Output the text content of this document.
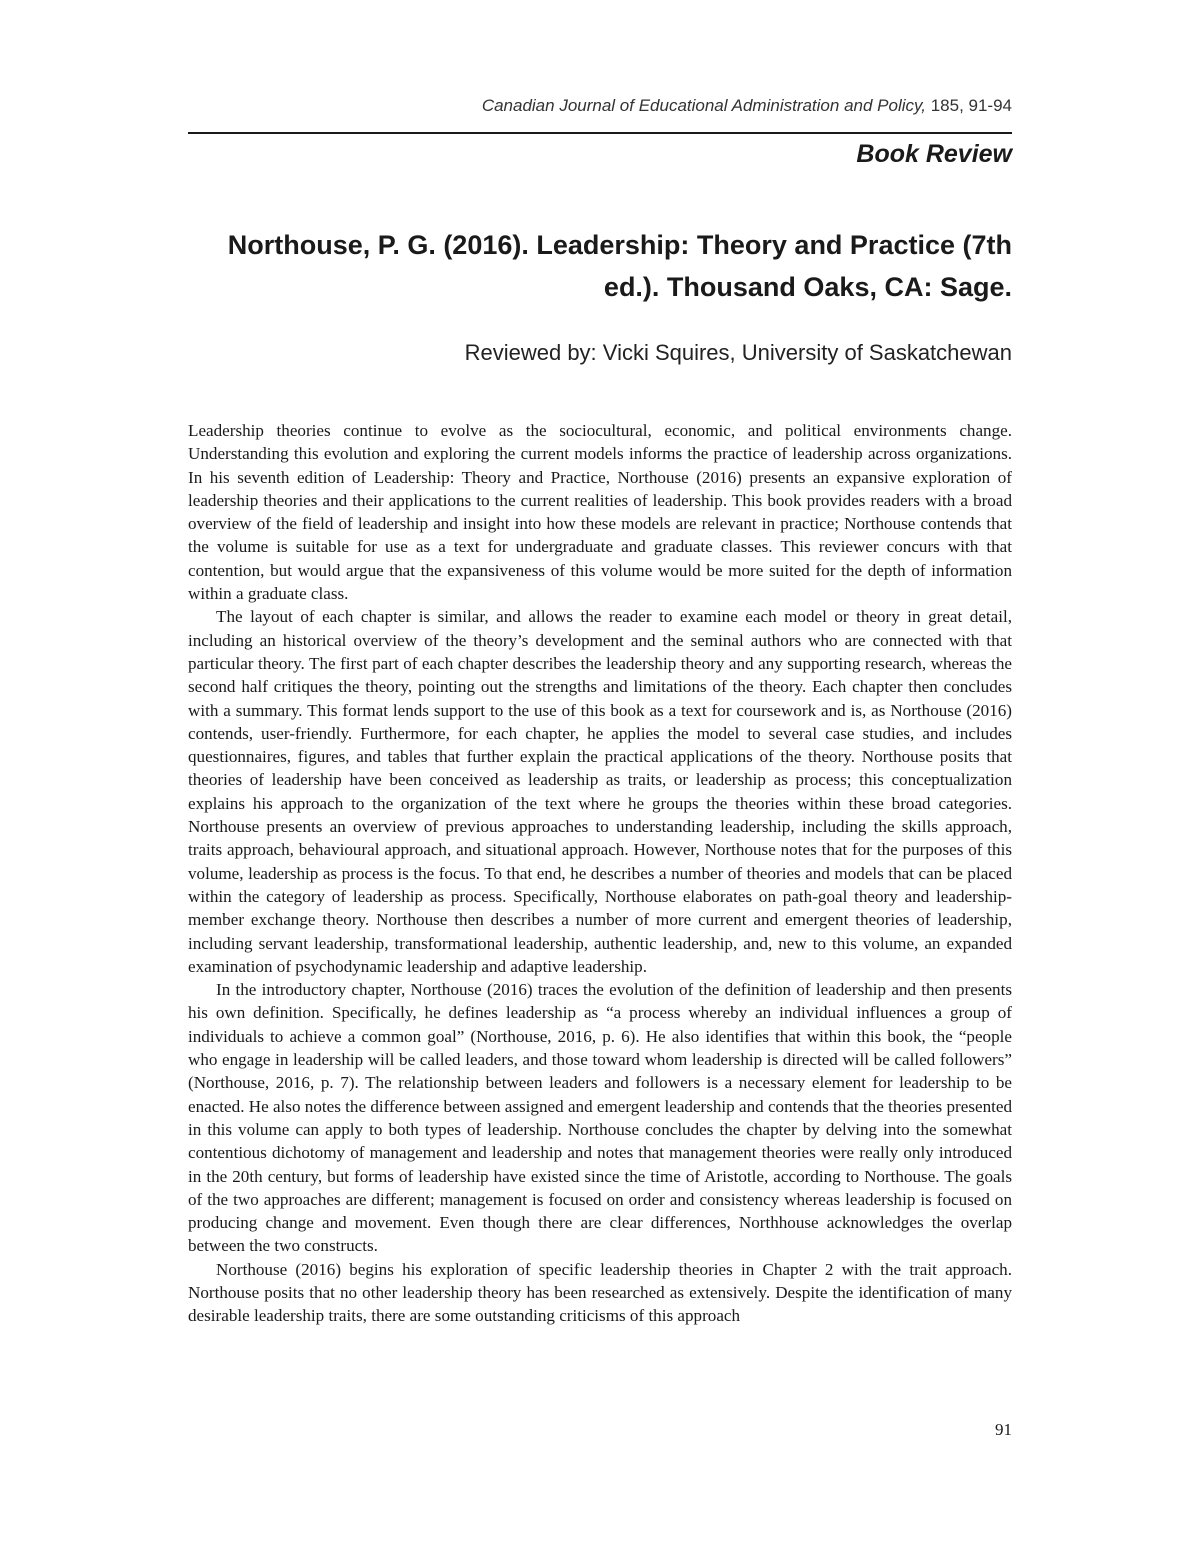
Canadian Journal of Educational Administration and Policy, 185, 91-94
Book Review
Northouse, P. G. (2016). Leadership: Theory and Practice (7th
ed.). Thousand Oaks, CA: Sage.
Reviewed by: Vicki Squires, University of Saskatchewan

Leadership theories continue to evolve as the sociocultural, economic, and political environments change. Understanding this evolution and exploring the current models informs the practice of leadership across organizations. In his seventh edition of Leadership: Theory and Practice, Northouse (2016) presents an expansive exploration of leadership theories and their applications to the current realities of leadership. This book provides readers with a broad overview of the field of leadership and insight into how these models are relevant in practice; Northouse contends that the volume is suitable for use as a text for undergraduate and graduate classes. This reviewer concurs with that contention, but would argue that the expansiveness of this volume would be more suited for the depth of information within a graduate class.

The layout of each chapter is similar, and allows the reader to examine each model or theory in great detail, including an historical overview of the theory’s development and the seminal authors who are connected with that particular theory. The first part of each chapter describes the leadership theory and any supporting research, whereas the second half critiques the theory, pointing out the strengths and limitations of the theory. Each chapter then concludes with a summary. This format lends support to the use of this book as a text for coursework and is, as Northouse (2016) contends, user-friendly. Furthermore, for each chapter, he applies the model to several case studies, and includes questionnaires, figures, and tables that further explain the practical applications of the theory. Northouse posits that theories of leadership have been conceived as leadership as traits, or leadership as process; this conceptualization explains his approach to the organization of the text where he groups the theories within these broad categories. Northouse presents an overview of previous approaches to understanding leadership, including the skills approach, traits approach, behavioural approach, and situational approach. However, Northouse notes that for the purposes of this volume, leadership as process is the focus. To that end, he describes a number of theories and models that can be placed within the category of leadership as process. Specifically, Northouse elaborates on path-goal theory and leadership-member exchange theory. Northouse then describes a number of more current and emergent theories of leadership, including servant leadership, transformational leadership, authentic leadership, and, new to this volume, an expanded examination of psychodynamic leadership and adaptive leadership.

In the introductory chapter, Northouse (2016) traces the evolution of the definition of leadership and then presents his own definition. Specifically, he defines leadership as “a process whereby an individual influences a group of individuals to achieve a common goal” (Northouse, 2016, p. 6). He also identifies that within this book, the “people who engage in leadership will be called leaders, and those toward whom leadership is directed will be called followers” (Northouse, 2016, p. 7). The relationship between leaders and followers is a necessary element for leadership to be enacted. He also notes the difference between assigned and emergent leadership and contends that the theories presented in this volume can apply to both types of leadership. Northouse concludes the chapter by delving into the somewhat contentious dichotomy of management and leadership and notes that management theories were really only introduced in the 20th century, but forms of leadership have existed since the time of Aristotle, according to Northouse. The goals of the two approaches are different; management is focused on order and consistency whereas leadership is focused on producing change and movement. Even though there are clear differences, Northhouse acknowledges the overlap between the two constructs.

Northouse (2016) begins his exploration of specific leadership theories in Chapter 2 with the trait approach. Northouse posits that no other leadership theory has been researched as extensively. Despite the identification of many desirable leadership traits, there are some outstanding criticisms of this approach

91
